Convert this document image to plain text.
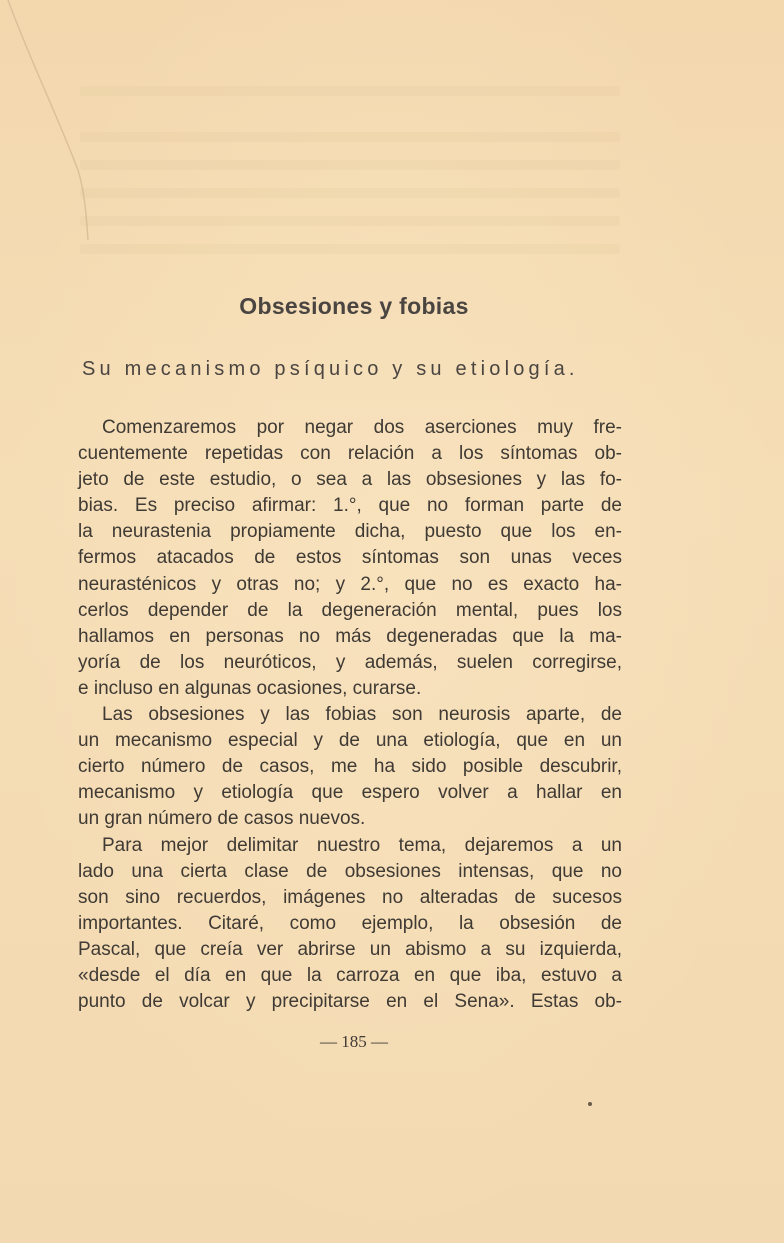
Obsesiones y fobias
Su mecanismo psíquico y su etiología.
Comenzaremos por negar dos aserciones muy fre-
cuentemente repetidas con relación a los síntomas ob-
jeto de este estudio, o sea a las obsesiones y las fo-
bias. Es preciso afirmar: 1.°, que no forman parte de
la neurastenia propiamente dicha, puesto que los en-
fermos atacados de estos síntomas son unas veces
neurasténicos y otras no; y 2.°, que no es exacto ha-
cerlos depender de la degeneración mental, pues los
hallamos en personas no más degeneradas que la ma-
yoría de los neuróticos, y además, suelen corregirse,
e incluso en algunas ocasiones, curarse.
Las obsesiones y las fobias son neurosis aparte, de
un mecanismo especial y de una etiología, que en un
cierto número de casos, me ha sido posible descubrir,
mecanismo y etiología que espero volver a hallar en
un gran número de casos nuevos.
Para mejor delimitar nuestro tema, dejaremos a un
lado una cierta clase de obsesiones intensas, que no
son sino recuerdos, imágenes no alteradas de sucesos
importantes. Citaré, como ejemplo, la obsesión de
Pascal, que creía ver abrirse un abismo a su izquierda,
«desde el día en que la carroza en que iba, estuvo a
punto de volcar y precipitarse en el Sena». Estas ob-
— 185 —
